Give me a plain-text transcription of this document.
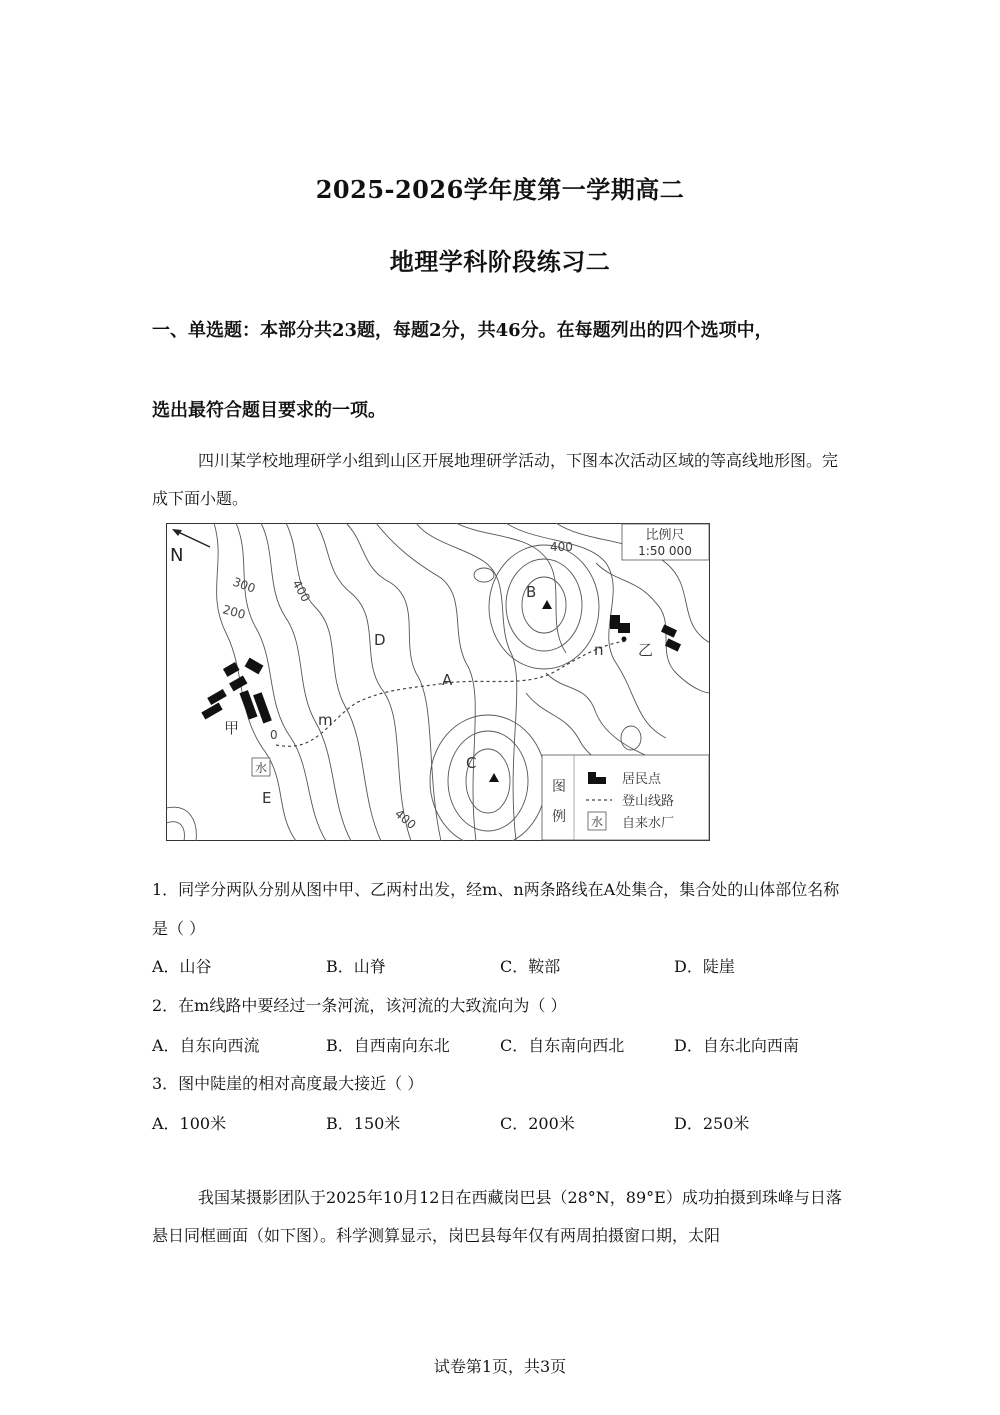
2025-2026学年度第一学期高二
地理学科阶段练习二
一、单选题：本部分共23题，每题2分，共46分。在每题列出的四个选项中，
选出最符合题目要求的一项。
四川某学校地理研学小组到山区开展地理研学活动，下图本次活动区域的等高线地形图。完成下面小题。
N
比例尺
1:50 000
400
400
300
200
0
400
B
C
A
D
E
m
n
甲
乙
水
图
例
居民点
登山线路
水 自来水厂
1．同学分两队分别从图中甲、乙两村出发，经m、n两条路线在A处集合，集合处的山体部位名称是（ ）
A．山谷	B．山脊	C．鞍部	D．陡崖
2．在m线路中要经过一条河流，该河流的大致流向为（ ）
A．自东向西流	B．自西南向东北	C．自东南向西北	D．自东北向西南
3．图中陡崖的相对高度最大接近（ ）
A．100米	B．150米	C．200米	D．250米
我国某摄影团队于2025年10月12日在西藏岗巴县（28°N，89°E）成功拍摄到珠峰与日落悬日同框画面（如下图）。科学测算显示，岗巴县每年仅有两周拍摄窗口期，太阳
试卷第1页，共3页
